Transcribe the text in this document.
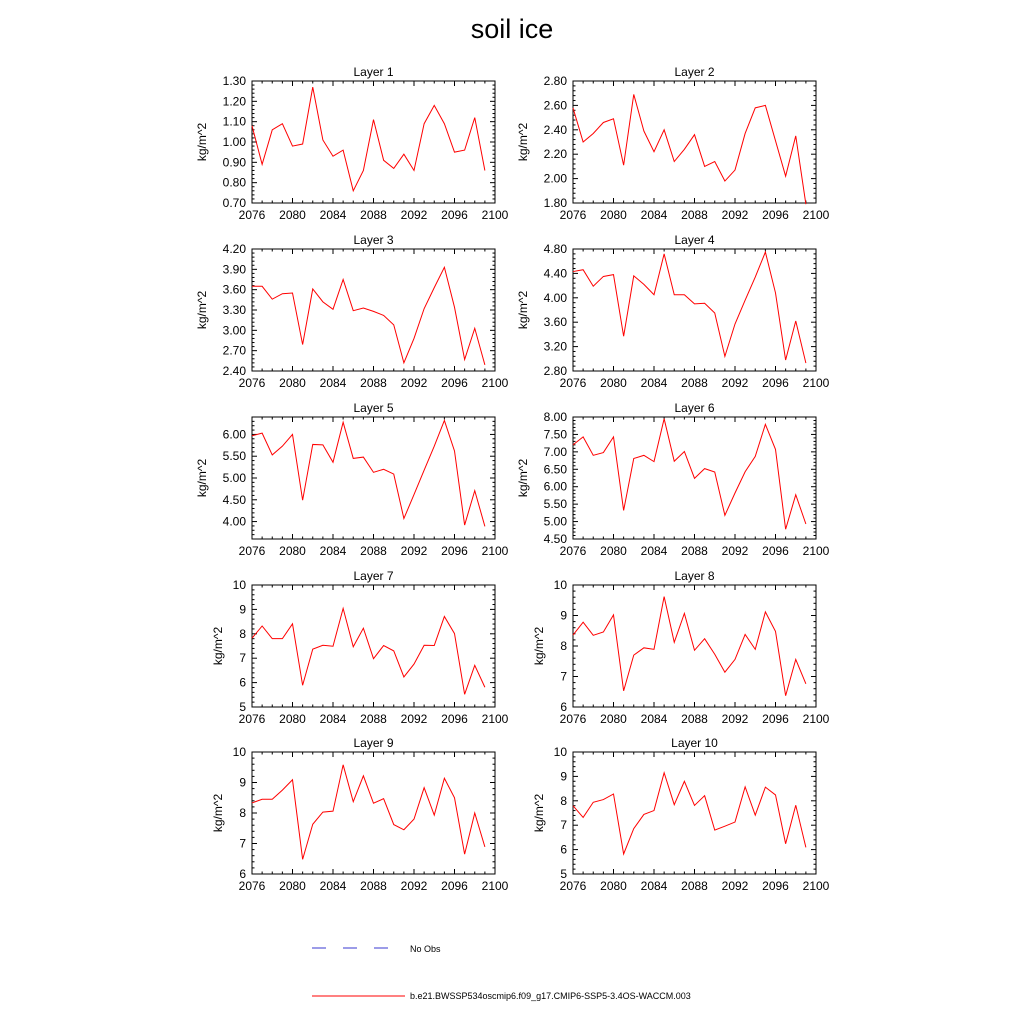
soil ice
Layer 1
2076 2080 2084 2088 2092 2096 2100
0.70
0.80
0.90
1.00
1.10
1.20
1.30
kg/m^2
Layer 2
2076 2080 2084 2088 2092 2096 2100
1.80
2.00
2.20
2.40
2.60
2.80
kg/m^2
Layer 3
2076 2080 2084 2088 2092 2096 2100
2.40
2.70
3.00
3.30
3.60
3.90
4.20
kg/m^2
Layer 4
2076 2080 2084 2088 2092 2096 2100
2.80
3.20
3.60
4.00
4.40
4.80
kg/m^2
Layer 5
2076 2080 2084 2088 2092 2096 2100
4.00
4.50
5.00
5.50
6.00
kg/m^2
Layer 6
2076 2080 2084 2088 2092 2096 2100
4.50
5.00
5.50
6.00
6.50
7.00
7.50
8.00
kg/m^2
Layer 7
2076 2080 2084 2088 2092 2096 2100
5
6
7
8
9
10
kg/m^2
Layer 8
2076 2080 2084 2088 2092 2096 2100
6
7
8
9
10
kg/m^2
Layer 9
2076 2080 2084 2088 2092 2096 2100
6
7
8
9
10
kg/m^2
Layer 10
2076 2080 2084 2088 2092 2096 2100
5
6
7
8
9
10
kg/m^2
No Obs
b.e21.BWSSP534oscmip6.f09_g17.CMIP6-SSP5-3.4OS-WACCM.003
